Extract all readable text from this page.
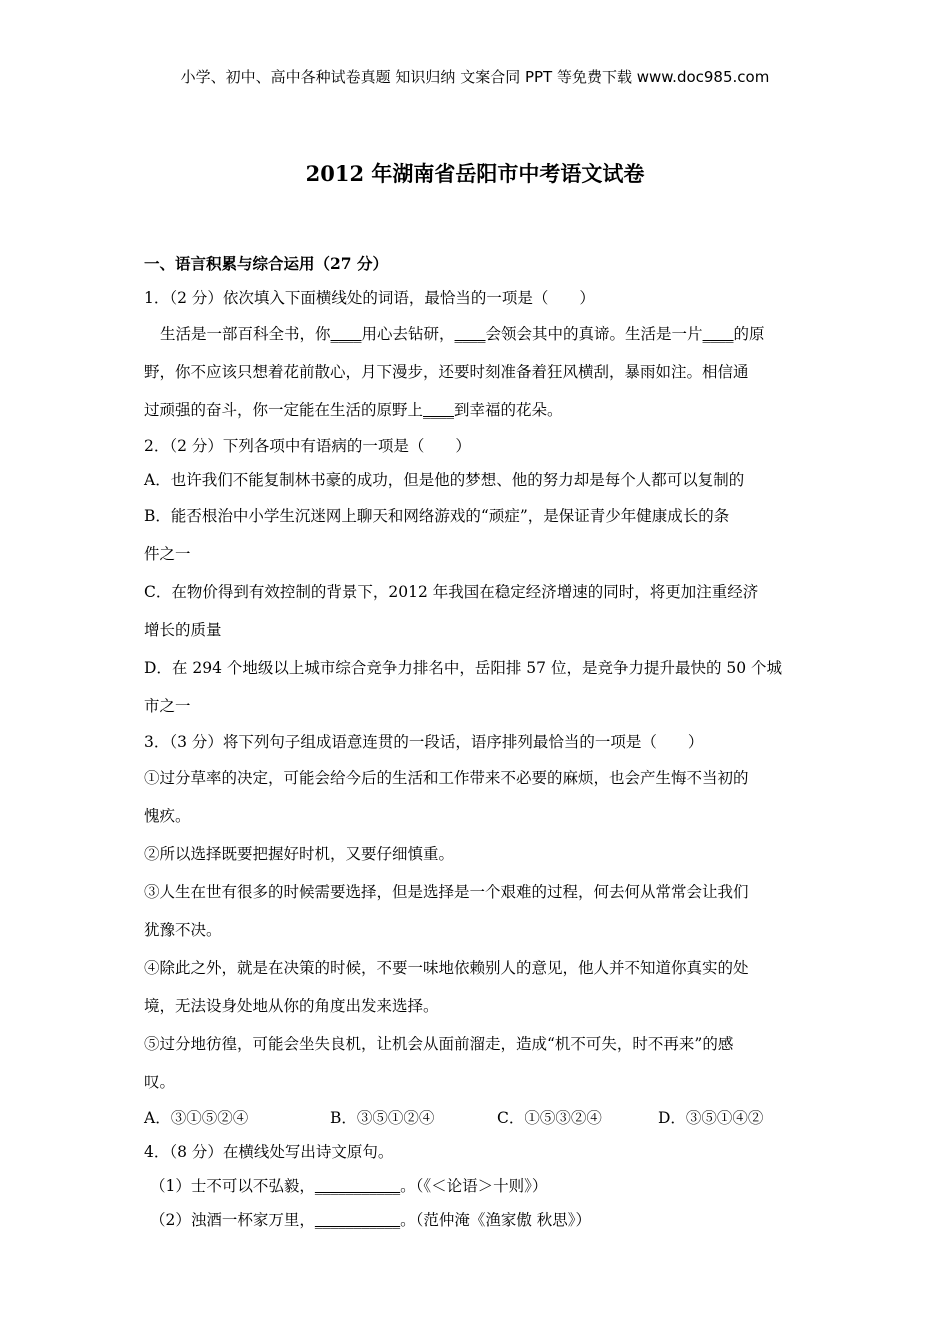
小学、初中、高中各种试卷真题 知识归纳 文案合同 PPT 等免费下载 www.doc985.com
2012 年湖南省岳阳市中考语文试卷
一、语言积累与综合运用（27 分）
1．（2 分）依次填入下面横线处的词语，最恰当的一项是（　　）
生活是一部百科全书，你____用心去钻研，____会领会其中的真谛。生活是一片____的原
野，你不应该只想着花前散心，月下漫步，还要时刻准备着狂风横刮，暴雨如注。相信通
过顽强的奋斗，你一定能在生活的原野上____到幸福的花朵。
2．（2 分）下列各项中有语病的一项是（　　）
A．也许我们不能复制林书豪的成功，但是他的梦想、他的努力却是每个人都可以复制的
B．能否根治中小学生沉迷网上聊天和网络游戏的“顽症”，是保证青少年健康成长的条
件之一
C．在物价得到有效控制的背景下，2012 年我国在稳定经济增速的同时，将更加注重经济
增长的质量
D．在 294 个地级以上城市综合竞争力排名中，岳阳排 57 位，是竞争力提升最快的 50 个城
市之一
3．（3 分）将下列句子组成语意连贯的一段话，语序排列最恰当的一项是（　　）
①过分草率的决定，可能会给今后的生活和工作带来不必要的麻烦，也会产生悔不当初的
愧疚。
②所以选择既要把握好时机，又要仔细慎重。
③人生在世有很多的时候需要选择，但是选择是一个艰难的过程，何去何从常常会让我们
犹豫不决。
④除此之外，就是在决策的时候，不要一味地依赖别人的意见，他人并不知道你真实的处
境，无法设身处地从你的角度出发来选择。
⑤过分地彷徨，可能会坐失良机，让机会从面前溜走，造成“机不可失，时不再来”的感
叹。
A．③①⑤②④	B．③⑤①②④	C．①⑤③②④	D．③⑤①④②
4．（8 分）在横线处写出诗文原句。
（1）士不可以不弘毅，___________。（《＜论语＞十则》）
（2）浊酒一杯家万里，___________。（范仲淹《渔家傲 秋思》）
